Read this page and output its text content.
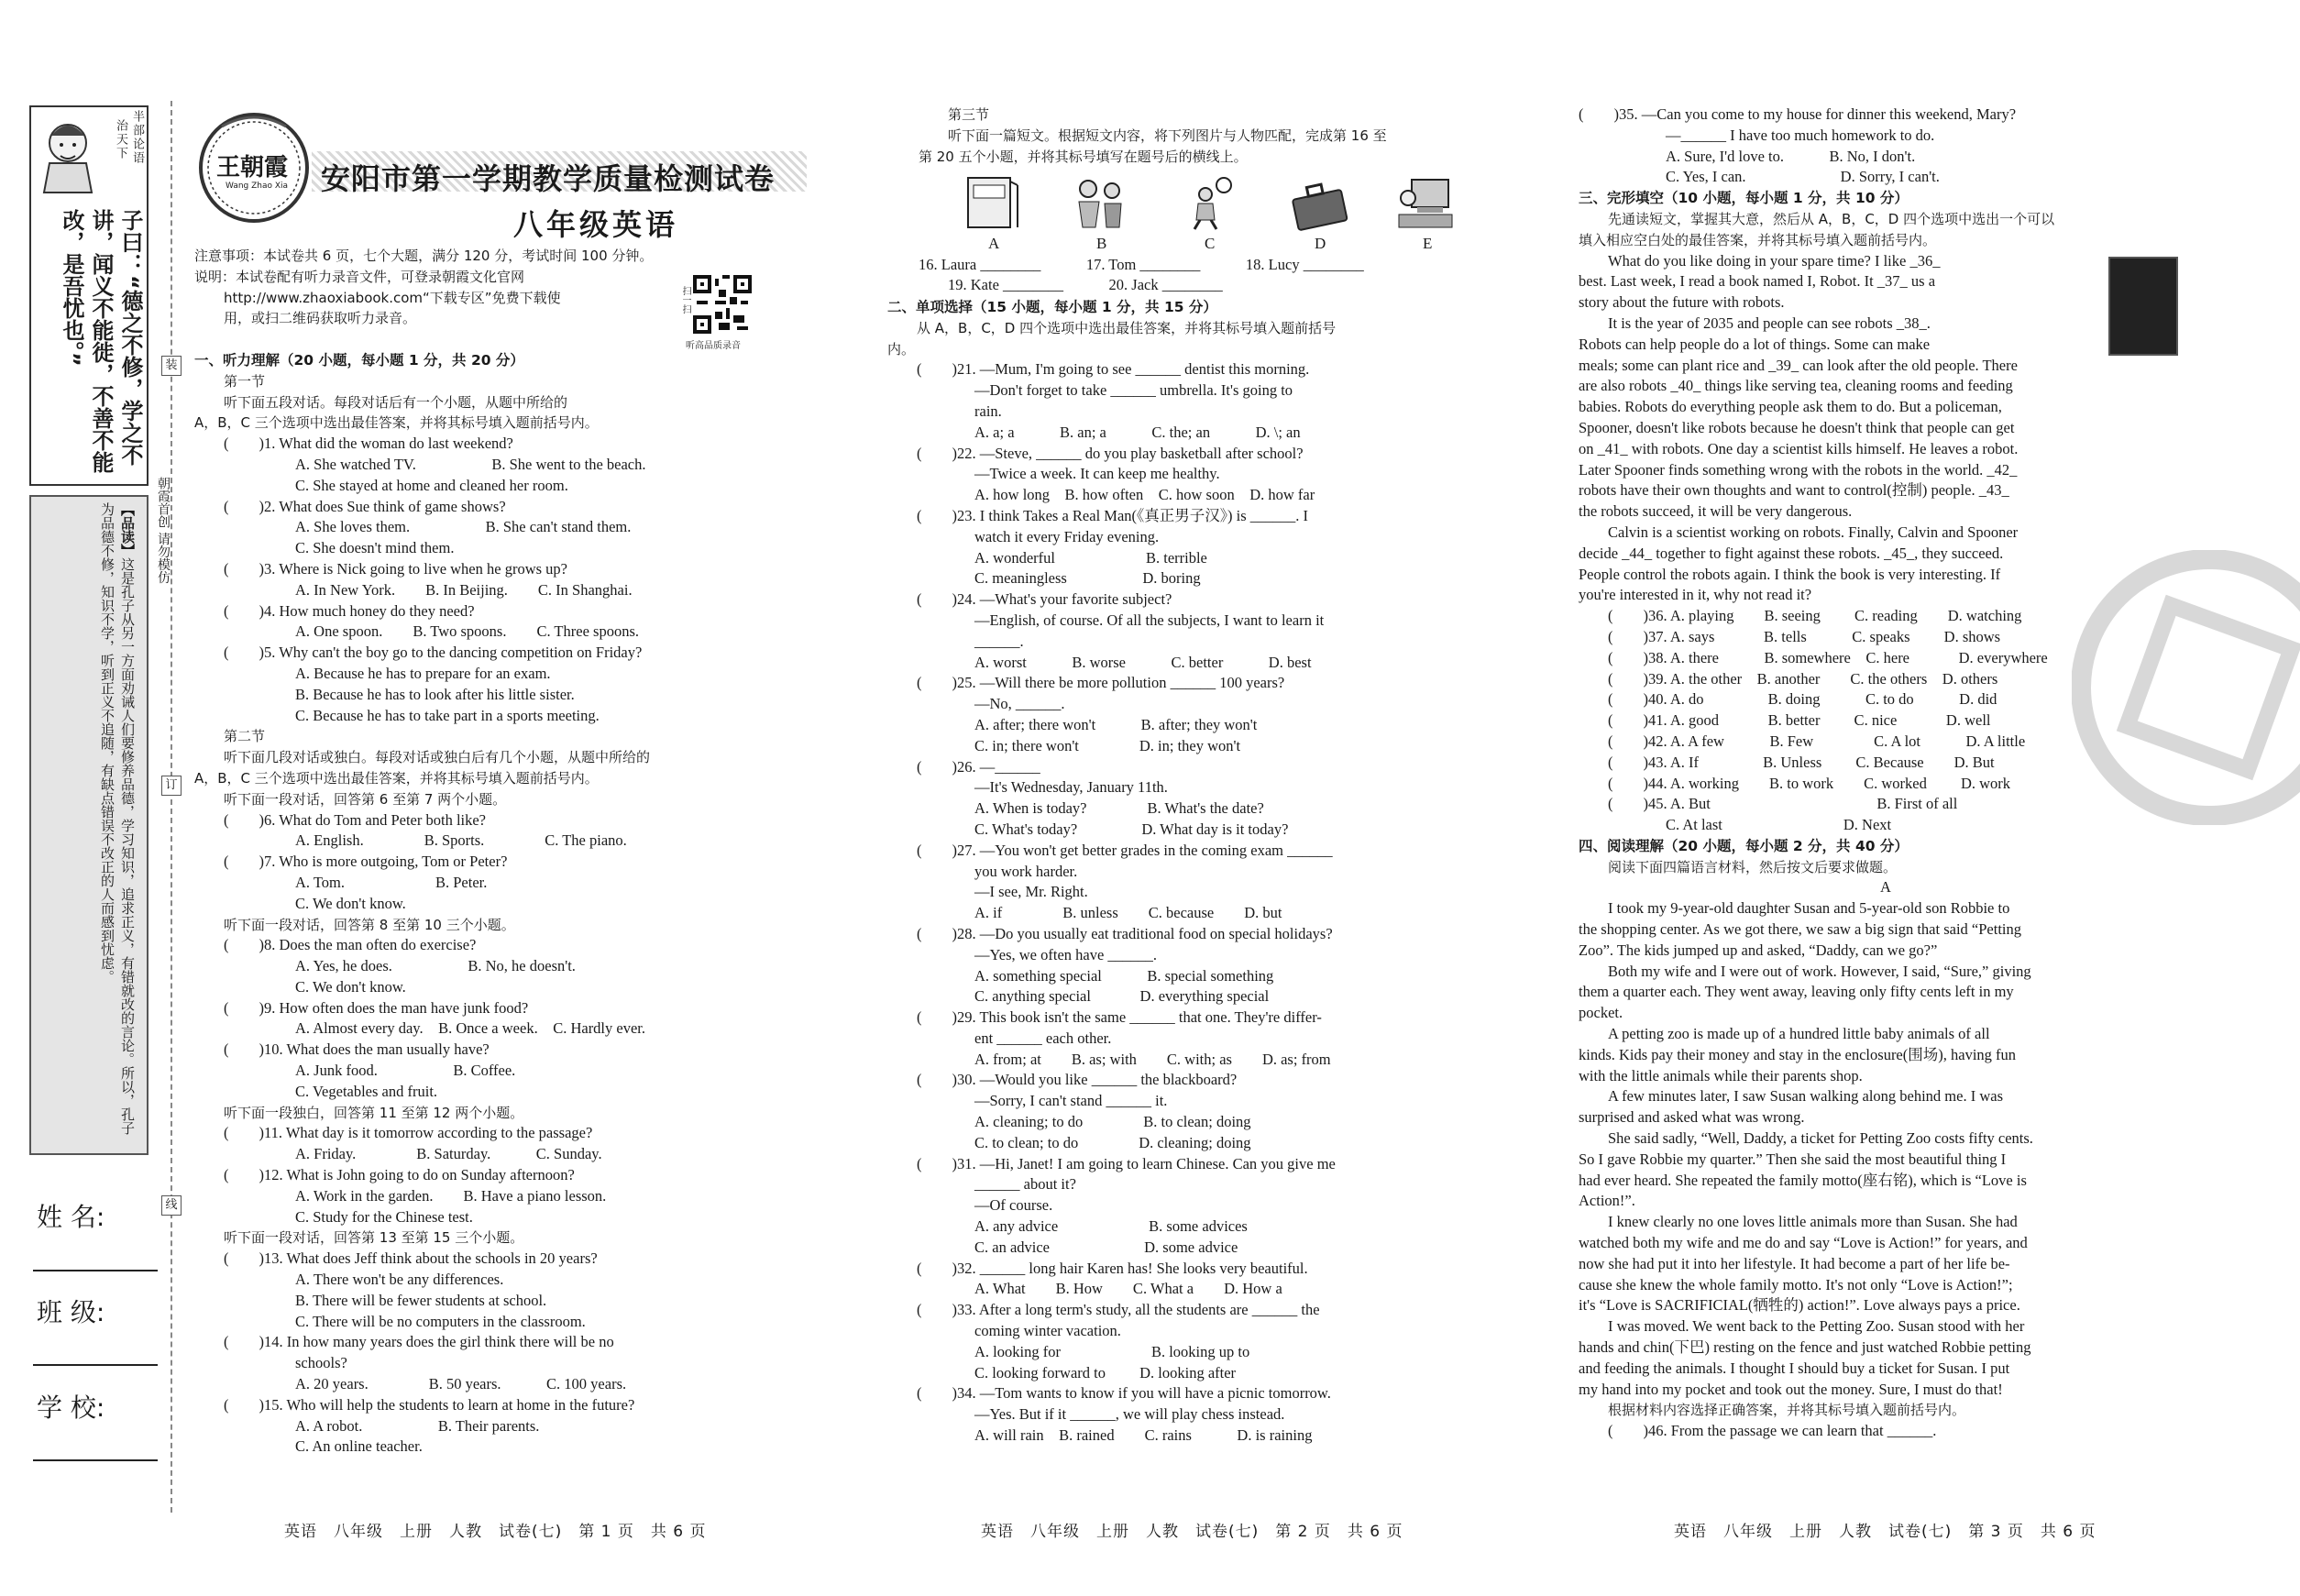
半部论语
治天下
子曰：“德之不修，学之不讲，闻义不能徙，不善不能改，是吾忧也。”
【品读】这是孔子从另一方面劝诫人们要修养品德，学习知识，追求正义，有错就改的言论。所以，孔子为品德不修，知识不学，听到正义不追随，有缺点错误不改正的人而感到忧虑。
装
订
线
朝霞首创 请勿模仿
姓 名:
班 级:
学 校:
王朝霞
Wang Zhao Xia 安阳市第一学期教学质量检测试卷
八年级英语
听高品质录音
扫一扫
注意事项：本试卷共 6 页，七个大题，满分 120 分，考试时间 100 分钟。
说明：本试卷配有听力录音文件，可登录朝霞文化官网
http://www.zhaoxiabook.com“下载专区”免费下载使
用，或扫二维码获取听力录音。
一、听力理解（20 小题，每小题 1 分，共 20 分）
第一节
听下面五段对话。每段对话后有一个小题，从题中所给的
A，B，C 三个选项中选出最佳答案，并将其标号填入题前括号内。
(　　)1. What did the woman do last weekend?
A. She watched TV.　　　　　B. She went to the beach.
C. She stayed at home and cleaned her room.
(　　)2. What does Sue think of game shows?
A. She loves them.　　　　　B. She can't stand them.
C. She doesn't mind them.
(　　)3. Where is Nick going to live when he grows up?
A. In New York.　　B. In Beijing.　　C. In Shanghai.
(　　)4. How much honey do they need?
A. One spoon.　　B. Two spoons.　　C. Three spoons.
(　　)5. Why can't the boy go to the dancing competition on Friday?
A. Because he has to prepare for an exam.
B. Because he has to look after his little sister.
C. Because he has to take part in a sports meeting.
第二节
听下面几段对话或独白。每段对话或独白后有几个小题，从题中所给的
A，B，C 三个选项中选出最佳答案，并将其标号填入题前括号内。
听下面一段对话，回答第 6 至第 7 两个小题。
(　　)6. What do Tom and Peter both like?
A. English.　　　　B. Sports.　　　　C. The piano.
(　　)7. Who is more outgoing, Tom or Peter?
A. Tom.　　　　　　B. Peter.
C. We don't know.
听下面一段对话，回答第 8 至第 10 三个小题。
(　　)8. Does the man often do exercise?
A. Yes, he does.　　　　　B. No, he doesn't.
C. We don't know.
(　　)9. How often does the man have junk food?
A. Almost every day.　B. Once a week.　C. Hardly ever.
(　　)10. What does the man usually have?
A. Junk food.　　　　　B. Coffee.
C. Vegetables and fruit.
听下面一段独白，回答第 11 至第 12 两个小题。
(　　)11. What day is it tomorrow according to the passage?
A. Friday.　　　　B. Saturday.　　　C. Sunday.
(　　)12. What is John going to do on Sunday afternoon?
A. Work in the garden.　　B. Have a piano lesson.
C. Study for the Chinese test.
听下面一段对话，回答第 13 至第 15 三个小题。
(　　)13. What does Jeff think about the schools in 20 years?
A. There won't be any differences.
B. There will be fewer students at school.
C. There will be no computers in the classroom.
(　　)14. In how many years does the girl think there will be no
schools?
A. 20 years.　　　　B. 50 years.　　　C. 100 years.
(　　)15. Who will help the students to learn at home in the future?
A. A robot.　　　　　B. Their parents.
C. An online teacher.
英语　八年级　上册　人教　试卷(七)　第 1 页　共 6 页
第三节
听下面一篇短文。根据短文内容，将下列图片与人物匹配，完成第 16 至
第 20 五个小题，并将其标号填写在题号后的横线上。
A	B	C	D	E
16. Laura ________　　　17. Tom ________　　　18. Lucy ________
19. Kate ________　　　20. Jack ________
二、单项选择（15 小题，每小题 1 分，共 15 分）
从 A，B，C，D 四个选项中选出最佳答案，并将其标号填入题前括号
内。
(　　)21. —Mum, I'm going to see ______ dentist this morning.
—Don't forget to take ______ umbrella. It's going to
rain.
A. a; a　　　B. an; a　　　C. the; an　　　D. \; an
(　　)22. —Steve, ______ do you play basketball after school?
—Twice a week. It can keep me healthy.
A. how long　B. how often　C. how soon　D. how far
(　　)23. I think Takes a Real Man(《真正男子汉》) is ______. I
watch it every Friday evening.
A. wonderful　　　　　　B. terrible
C. meaningless　　　　　D. boring
(　　)24. —What's your favorite subject?
—English, of course. Of all the subjects, I want to learn it
______.
A. worst　　　B. worse　　　C. better　　　D. best
(　　)25. —Will there be more pollution ______ 100 years?
—No, ______.
A. after; there won't　　　B. after; they won't
C. in; there won't　　　　D. in; they won't
(　　)26. —______
—It's Wednesday, January 11th.
A. When is today?　　　　B. What's the date?
C. What's today?　　　　 D. What day is it today?
(　　)27. —You won't get better grades in the coming exam ______
you work harder.
—I see, Mr. Right.
A. if　　　　B. unless　　C. because　　D. but
(　　)28. —Do you usually eat traditional food on special holidays?
—Yes, we often have ______.
A. something special　　　B. special something
C. anything special　　　 D. everything special
(　　)29. This book isn't the same ______ that one. They're differ-
ent ______ each other.
A. from; at　　B. as; with　　C. with; as　　D. as; from
(　　)30. —Would you like ______ the blackboard?
—Sorry, I can't stand ______ it.
A. cleaning; to do　　　　B. to clean; doing
C. to clean; to do　　　　D. cleaning; doing
(　　)31. —Hi, Janet! I am going to learn Chinese. Can you give me
______ about it?
—Of course.
A. any advice　　　　　　B. some advices
C. an advice　　　　　　 D. some advice
(　　)32. ______ long hair Karen has! She looks very beautiful.
A. What　　B. How　　C. What a　　D. How a
(　　)33. After a long term's study, all the students are ______ the
coming winter vacation.
A. looking for　　　　　　B. looking up to
C. looking forward to　　 D. looking after
(　　)34. —Tom wants to know if you will have a picnic tomorrow.
—Yes. But if it ______, we will play chess instead.
A. will rain　B. rained　　C. rains　　　D. is raining
英语　八年级　上册　人教　试卷(七)　第 2 页　共 6 页
(　　)35. —Can you come to my house for dinner this weekend, Mary?
—______ I have too much homework to do.
A. Sure, I'd love to.　　　B. No, I don't.
C. Yes, I can.　　　　　　 D. Sorry, I can't.
三、完形填空（10 小题，每小题 1 分，共 10 分）
先通读短文，掌握其大意，然后从 A，B，C，D 四个选项中选出一个可以
填入相应空白处的最佳答案，并将其标号填入题前括号内。
What do you like doing in your spare time? I like _36_
best. Last week, I read a book named I, Robot. It _37_ us a
story about the future with robots.
It is the year of 2035 and people can see robots _38_.
Robots can help people do a lot of things. Some can make
meals; some can plant rice and _39_ can look after the old people. There
are also robots _40_ things like serving tea, cleaning rooms and feeding
babies. Robots do everything people ask them to do. But a policeman,
Spooner, doesn't like robots because he doesn't think that people can get
on _41_ with robots. One day a scientist kills himself. He leaves a robot.
Later Spooner finds something wrong with the robots in the world. _42_
robots have their own thoughts and want to control(控制) people. _43_
the robots succeed, it will be very dangerous.
Calvin is a scientist working on robots. Finally, Calvin and Spooner
decide _44_ together to fight against these robots. _45_, they succeed.
People control the robots again. I think the book is very interesting. If
you're interested in it, why not read it?
(　　)36. A. playing　　B. seeing　　 C. reading　　D. watching
(　　)37. A. says　　　 B. tells　　　C. speaks　　 D. shows
(　　)38. A. there　　　B. somewhere　C. here　　　 D. everywhere
(　　)39. A. the other　B. another　　C. the others　D. others
(　　)40. A. do　　　　 B. doing　　　C. to do　　　D. did
(　　)41. A. good　　　 B. better　　 C. nice　　　 D. well
(　　)42. A. A few　　　B. Few　　　　C. A lot　　　D. A little
(　　)43. A. If　　　　 B. Unless　　 C. Because　　D. But
(　　)44. A. working　　B. to work　　C. worked　　 D. work
(　　)45. A. But　　　　　　　　　　　B. First of all
C. At last　　　　　　　　D. Next
四、阅读理解（20 小题，每小题 2 分，共 40 分）
阅读下面四篇语言材料，然后按文后要求做题。
A
I took my 9-year-old daughter Susan and 5-year-old son Robbie to
the shopping center. As we got there, we saw a big sign that said “Petting
Zoo”. The kids jumped up and asked, “Daddy, can we go?”
Both my wife and I were out of work. However, I said, “Sure,” giving
them a quarter each. They went away, leaving only fifty cents left in my
pocket.
A petting zoo is made up of a hundred little baby animals of all
kinds. Kids pay their money and stay in the enclosure(围场), having fun
with the little animals while their parents shop.
A few minutes later, I saw Susan walking along behind me. I was
surprised and asked what was wrong.
She said sadly, “Well, Daddy, a ticket for Petting Zoo costs fifty cents.
So I gave Robbie my quarter.” Then she said the most beautiful thing I
had ever heard. She repeated the family motto(座右铭), which is “Love is
Action!”.
I knew clearly no one loves little animals more than Susan. She had
watched both my wife and me do and say “Love is Action!” for years, and
now she had put it into her lifestyle. It had become a part of her life be-
cause she knew the whole family motto. It's not only “Love is Action!”;
it's “Love is SACRIFICIAL(牺牲的) action!”. Love always pays a price.
I was moved. We went back to the Petting Zoo. Susan stood with her
hands and chin(下巴) resting on the fence and just watched Robbie petting
and feeding the animals. I thought I should buy a ticket for Susan. I put
my hand into my pocket and took out the money. Sure, I must do that!
根据材料内容选择正确答案，并将其标号填入题前括号内。
(　　)46. From the passage we can learn that ______.
英语　八年级　上册　人教　试卷(七)　第 3 页　共 6 页
